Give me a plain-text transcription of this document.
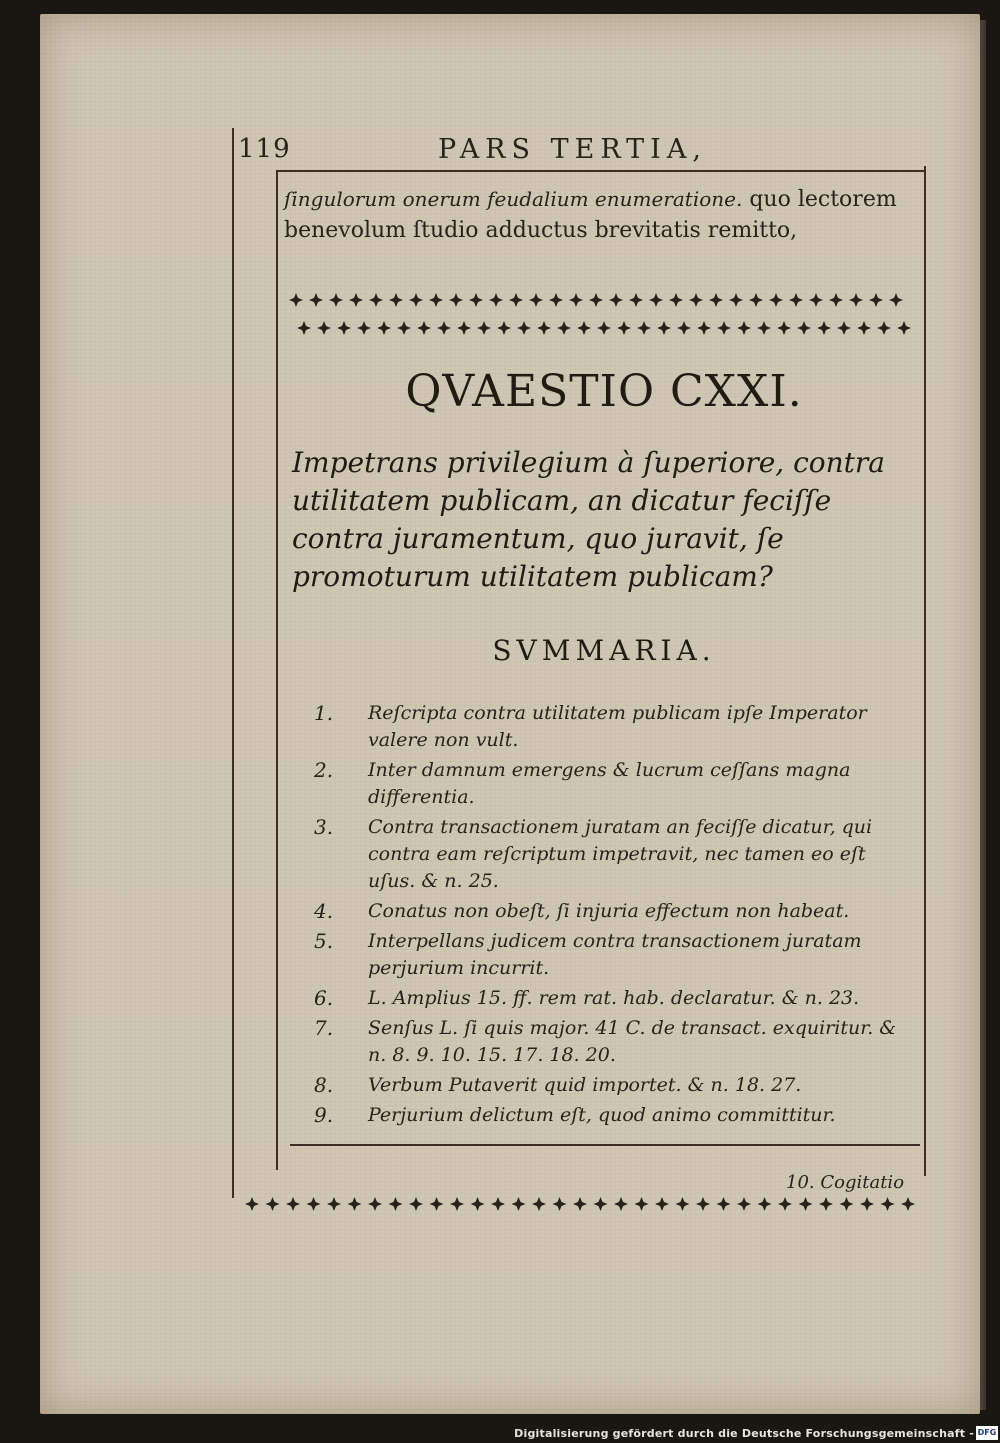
119	PARS TERTIA,
ſingulorum onerum feudalium enumeratione. quo lectorem benevolum ſtudio adductus brevitatis remitto,
QVAESTIO CXXI.
Impetrans privilegium à ſuperiore, contra utilitatem publicam, an dicatur feciſſe contra juramentum, quo juravit, ſe promoturum utilitatem publicam?
SVMMARIA.
1. Reſcripta contra utilitatem publicam ipſe Imperator valere non vult.
2. Inter damnum emergens & lucrum ceſſans magna differentia.
3. Contra transactionem juratam an feciſſe dicatur, qui contra eam reſcriptum impetravit, nec tamen eo eſt uſus. & n. 25.
4. Conatus non obeſt, ſi injuria effectum non habeat.
5. Interpellans judicem contra transactionem juratam perjurium incurrit.
6. L. Amplius 15. ff. rem rat. hab. declaratur. & n. 23.
7. Senſus L. ſi quis major. 41 C. de transact. exquiritur. & n. 8. 9. 10. 15. 17. 18. 20.
8. Verbum Putaverit quid importet. & n. 18. 27.
9. Perjurium delictum eſt, quod animo committitur.
10. Cogitatio
Digitalisierung gefördert durch die Deutsche Forschungsgemeinschaft - DFG
